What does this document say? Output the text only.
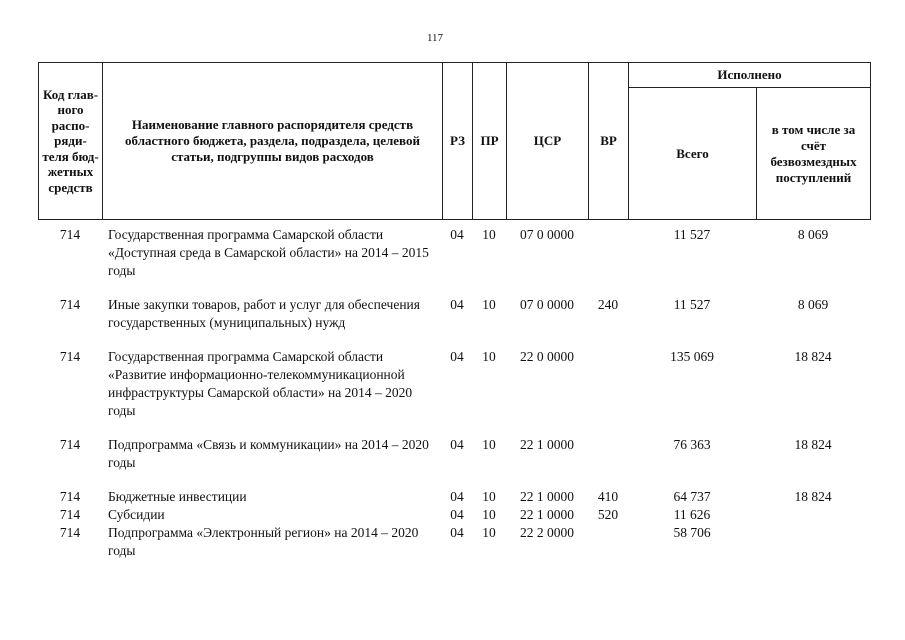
117
Код глав-ного распо-ряди-теля бюд-жетных средств	Наименование главного распорядителя средств областного бюджета, раздела, подраздела, целевой статьи, подгруппы видов расходов	РЗ	ПР	ЦСР	ВР	Исполнено	
						Всего	в том числе за счёт безвозмездных поступлений
714	Государственная программа Самарской области «Доступная среда в Самарской области» на 2014 – 2015 годы	04	10	07 0 0000		11 527	8 069
714	Иные закупки товаров, работ и услуг для обеспечения государственных (муниципальных) нужд	04	10	07 0 0000	240	11 527	8 069
714	Государственная программа Самарской области «Развитие информационно-телекоммуникационной инфраструктуры Самарской области» на 2014 – 2020 годы	04	10	22 0 0000		135 069	18 824
714	Подпрограмма «Связь и коммуникации» на 2014 – 2020 годы	04	10	22 1 0000		76 363	18 824
714	Бюджетные инвестиции	04	10	22 1 0000	410	64 737	18 824
714	Субсидии	04	10	22 1 0000	520	11 626	
714	Подпрограмма «Электронный регион» на 2014 – 2020 годы	04	10	22 2 0000		58 706	
